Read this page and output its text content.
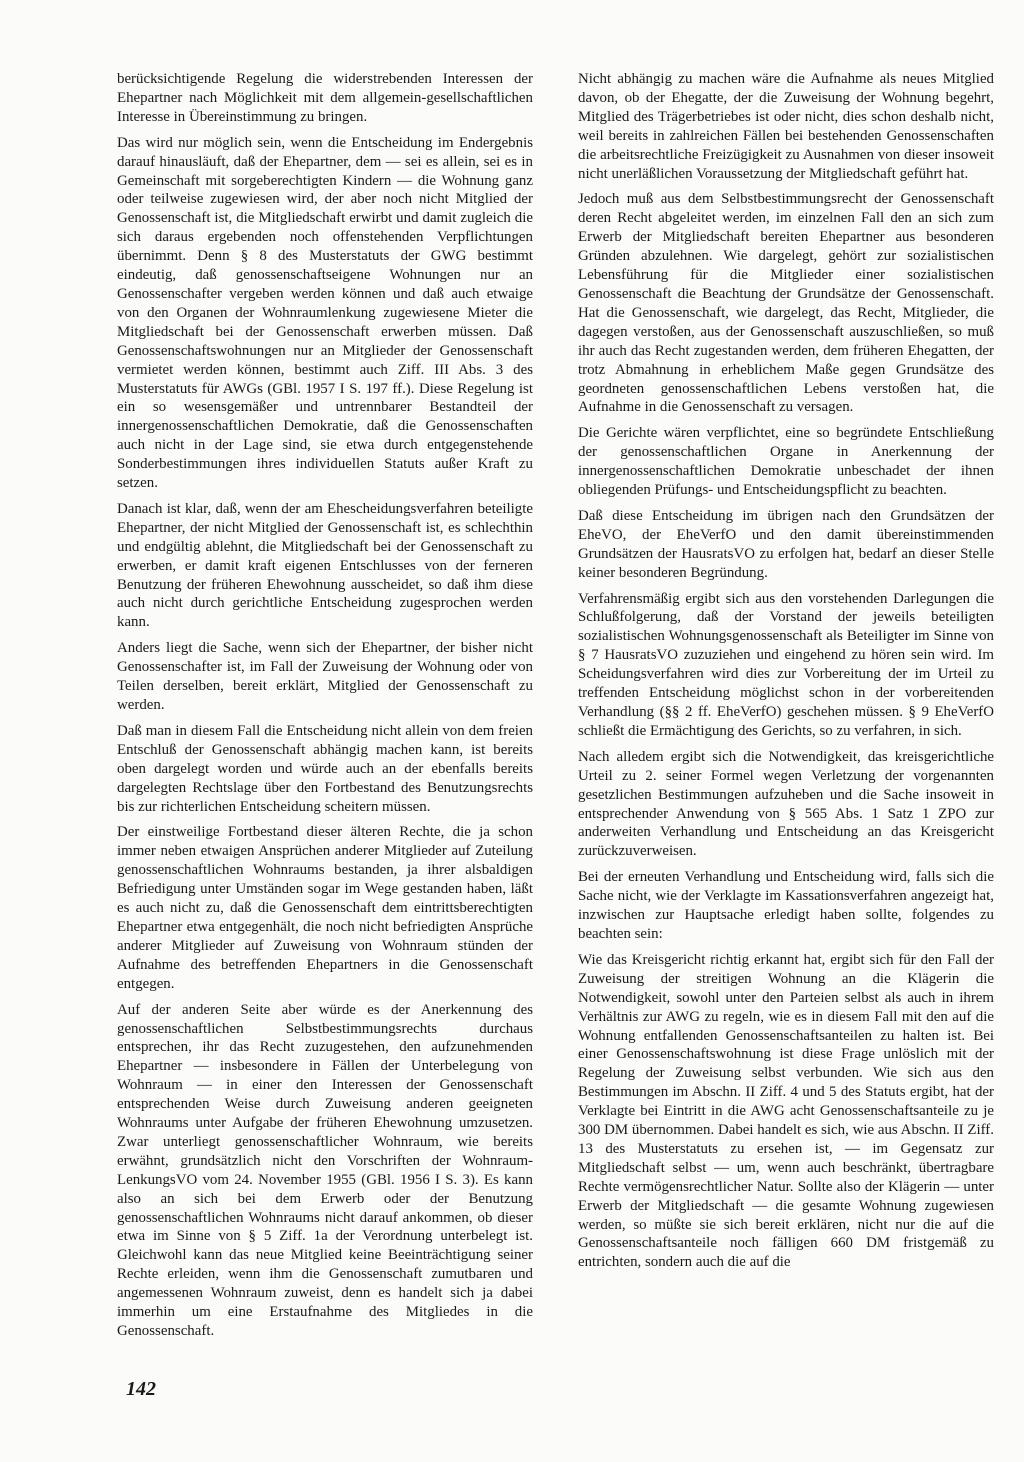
berücksichtigende Regelung die widerstrebenden Interessen der Ehepartner nach Möglichkeit mit dem allgemein-gesellschaftlichen Interesse in Übereinstimmung zu bringen.

Das wird nur möglich sein, wenn die Entscheidung im Endergebnis darauf hinausläuft, daß der Ehepartner, dem — sei es allein, sei es in Gemeinschaft mit sorgeberechtigten Kindern — die Wohnung ganz oder teilweise zugewiesen wird, der aber noch nicht Mitglied der Genossenschaft ist, die Mitgliedschaft erwirbt und damit zugleich die sich daraus ergebenden noch offenstehenden Verpflichtungen übernimmt. Denn § 8 des Musterstatuts der GWG bestimmt eindeutig, daß genossenschaftseigene Wohnungen nur an Genossenschafter vergeben werden können und daß auch etwaige von den Organen der Wohnraumlenkung zugewiesene Mieter die Mitgliedschaft bei der Genossenschaft erwerben müssen. Daß Genossenschaftswohnungen nur an Mitglieder der Genossenschaft vermietet werden können, bestimmt auch Ziff. III Abs. 3 des Musterstatuts für AWGs (GBl. 1957 I S. 197 ff.). Diese Regelung ist ein so wesensgemäßer und untrennbarer Bestandteil der innergenossenschaftlichen Demokratie, daß die Genossenschaften auch nicht in der Lage sind, sie etwa durch entgegenstehende Sonderbestimmungen ihres individuellen Statuts außer Kraft zu setzen.

Danach ist klar, daß, wenn der am Ehescheidungsverfahren beteiligte Ehepartner, der nicht Mitglied der Genossenschaft ist, es schlechthin und endgültig ablehnt, die Mitgliedschaft bei der Genossenschaft zu erwerben, er damit kraft eigenen Entschlusses von der ferneren Benutzung der früheren Ehewohnung ausscheidet, so daß ihm diese auch nicht durch gerichtliche Entscheidung zugesprochen werden kann.

Anders liegt die Sache, wenn sich der Ehepartner, der bisher nicht Genossenschafter ist, im Fall der Zuweisung der Wohnung oder von Teilen derselben, bereit erklärt, Mitglied der Genossenschaft zu werden.

Daß man in diesem Fall die Entscheidung nicht allein von dem freien Entschluß der Genossenschaft abhängig machen kann, ist bereits oben dargelegt worden und würde auch an der ebenfalls bereits dargelegten Rechtslage über den Fortbestand des Benutzungsrechts bis zur richterlichen Entscheidung scheitern müssen.

Der einstweilige Fortbestand dieser älteren Rechte, die ja schon immer neben etwaigen Ansprüchen anderer Mitglieder auf Zuteilung genossenschaftlichen Wohnraums bestanden, ja ihrer alsbaldigen Befriedigung unter Umständen sogar im Wege gestanden haben, läßt es auch nicht zu, daß die Genossenschaft dem eintrittsberechtigten Ehepartner etwa entgegenhält, die noch nicht befriedigten Ansprüche anderer Mitglieder auf Zuweisung von Wohnraum stünden der Aufnahme des betreffenden Ehepartners in die Genossenschaft entgegen.

Auf der anderen Seite aber würde es der Anerkennung des genossenschaftlichen Selbstbestimmungsrechts durchaus entsprechen, ihr das Recht zuzugestehen, den aufzunehmenden Ehepartner — insbesondere in Fällen der Unterbelegung von Wohnraum — in einer den Interessen der Genossenschaft entsprechenden Weise durch Zuweisung anderen geeigneten Wohnraums unter Aufgabe der früheren Ehewohnung umzusetzen. Zwar unterliegt genossenschaftlicher Wohnraum, wie bereits erwähnt, grundsätzlich nicht den Vorschriften der Wohnraum-LenkungsVO vom 24. November 1955 (GBl. 1956 I S. 3). Es kann also an sich bei dem Erwerb oder der Benutzung genossenschaftlichen Wohnraums nicht darauf ankommen, ob dieser etwa im Sinne von § 5 Ziff. 1a der Verordnung unterbelegt ist. Gleichwohl kann das neue Mitglied keine Beeinträchtigung seiner Rechte erleiden, wenn ihm die Genossenschaft zumutbaren und angemessenen Wohnraum zuweist, denn es handelt sich ja dabei immerhin um eine Erstaufnahme des Mitgliedes in die Genossenschaft.

Nicht abhängig zu machen wäre die Aufnahme als neues Mitglied davon, ob der Ehegatte, der die Zuweisung der Wohnung begehrt, Mitglied des Trägerbetriebes ist oder nicht, dies schon deshalb nicht, weil bereits in zahlreichen Fällen bei bestehenden Genossenschaften die arbeitsrechtliche Freizügigkeit zu Ausnahmen von dieser insoweit nicht unerläßlichen Voraussetzung der Mitgliedschaft geführt hat.

Jedoch muß aus dem Selbstbestimmungsrecht der Genossenschaft deren Recht abgeleitet werden, im einzelnen Fall den an sich zum Erwerb der Mitgliedschaft bereiten Ehepartner aus besonderen Gründen abzulehnen. Wie dargelegt, gehört zur sozialistischen Lebensführung für die Mitglieder einer sozialistischen Genossenschaft die Beachtung der Grundsätze der Genossenschaft. Hat die Genossenschaft, wie dargelegt, das Recht, Mitglieder, die dagegen verstoßen, aus der Genossenschaft auszuschließen, so muß ihr auch das Recht zugestanden werden, dem früheren Ehegatten, der trotz Abmahnung in erheblichem Maße gegen Grundsätze des geordneten genossenschaftlichen Lebens verstoßen hat, die Aufnahme in die Genossenschaft zu versagen.

Die Gerichte wären verpflichtet, eine so begründete Entschließung der genossenschaftlichen Organe in Anerkennung der innergenossenschaftlichen Demokratie unbeschadet der ihnen obliegenden Prüfungs- und Entscheidungspflicht zu beachten.

Daß diese Entscheidung im übrigen nach den Grundsätzen der EheVO, der EheVerfO und den damit übereinstimmenden Grundsätzen der HausratsVO zu erfolgen hat, bedarf an dieser Stelle keiner besonderen Begründung.

Verfahrensmäßig ergibt sich aus den vorstehenden Darlegungen die Schlußfolgerung, daß der Vorstand der jeweils beteiligten sozialistischen Wohnungsgenossenschaft als Beteiligter im Sinne von § 7 HausratsVO zuzuziehen und eingehend zu hören sein wird. Im Scheidungsverfahren wird dies zur Vorbereitung der im Urteil zu treffenden Entscheidung möglichst schon in der vorbereitenden Verhandlung (§§ 2 ff. EheVerfO) geschehen müssen. § 9 EheVerfO schließt die Ermächtigung des Gerichts, so zu verfahren, in sich.

Nach alledem ergibt sich die Notwendigkeit, das kreisgerichtliche Urteil zu 2. seiner Formel wegen Verletzung der vorgenannten gesetzlichen Bestimmungen aufzuheben und die Sache insoweit in entsprechender Anwendung von § 565 Abs. 1 Satz 1 ZPO zur anderweiten Verhandlung und Entscheidung an das Kreisgericht zurückzuverweisen.

Bei der erneuten Verhandlung und Entscheidung wird, falls sich die Sache nicht, wie der Verklagte im Kassationsverfahren angezeigt hat, inzwischen zur Hauptsache erledigt haben sollte, folgendes zu beachten sein:

Wie das Kreisgericht richtig erkannt hat, ergibt sich für den Fall der Zuweisung der streitigen Wohnung an die Klägerin die Notwendigkeit, sowohl unter den Parteien selbst als auch in ihrem Verhältnis zur AWG zu regeln, wie es in diesem Fall mit den auf die Wohnung entfallenden Genossenschaftsanteilen zu halten ist. Bei einer Genossenschaftswohnung ist diese Frage unlöslich mit der Regelung der Zuweisung selbst verbunden. Wie sich aus den Bestimmungen im Abschn. II Ziff. 4 und 5 des Statuts ergibt, hat der Verklagte bei Eintritt in die AWG acht Genossenschaftsanteile zu je 300 DM übernommen. Dabei handelt es sich, wie aus Abschn. II Ziff. 13 des Musterstatuts zu ersehen ist, — im Gegensatz zur Mitgliedschaft selbst — um, wenn auch beschränkt, übertragbare Rechte vermögensrechtlicher Natur. Sollte also der Klägerin — unter Erwerb der Mitgliedschaft — die gesamte Wohnung zugewiesen werden, so müßte sie sich bereit erklären, nicht nur die auf die Genossenschaftsanteile noch fälligen 660 DM fristgemäß zu entrichten, sondern auch die auf die

142
